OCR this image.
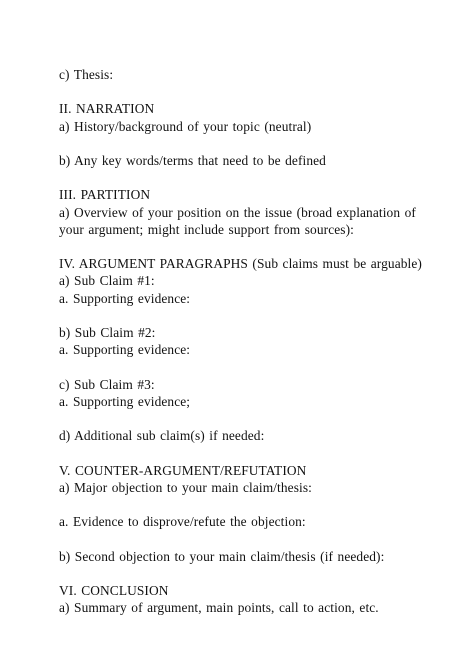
c) Thesis:
II. NARRATION
a) History/background of your topic (neutral)
b) Any key words/terms that need to be defined
III. PARTITION
a) Overview of your position on the issue (broad explanation of
your argument; might include support from sources):
IV. ARGUMENT PARAGRAPHS (Sub claims must be arguable)
a) Sub Claim #1:
a. Supporting evidence:
b) Sub Claim #2:
a. Supporting evidence:
c) Sub Claim #3:
a. Supporting evidence;
d) Additional sub claim(s) if needed:
V. COUNTER-ARGUMENT/REFUTATION
a) Major objection to your main claim/thesis:
a. Evidence to disprove/refute the objection:
b) Second objection to your main claim/thesis (if needed):
VI. CONCLUSION
a) Summary of argument, main points, call to action, etc.
